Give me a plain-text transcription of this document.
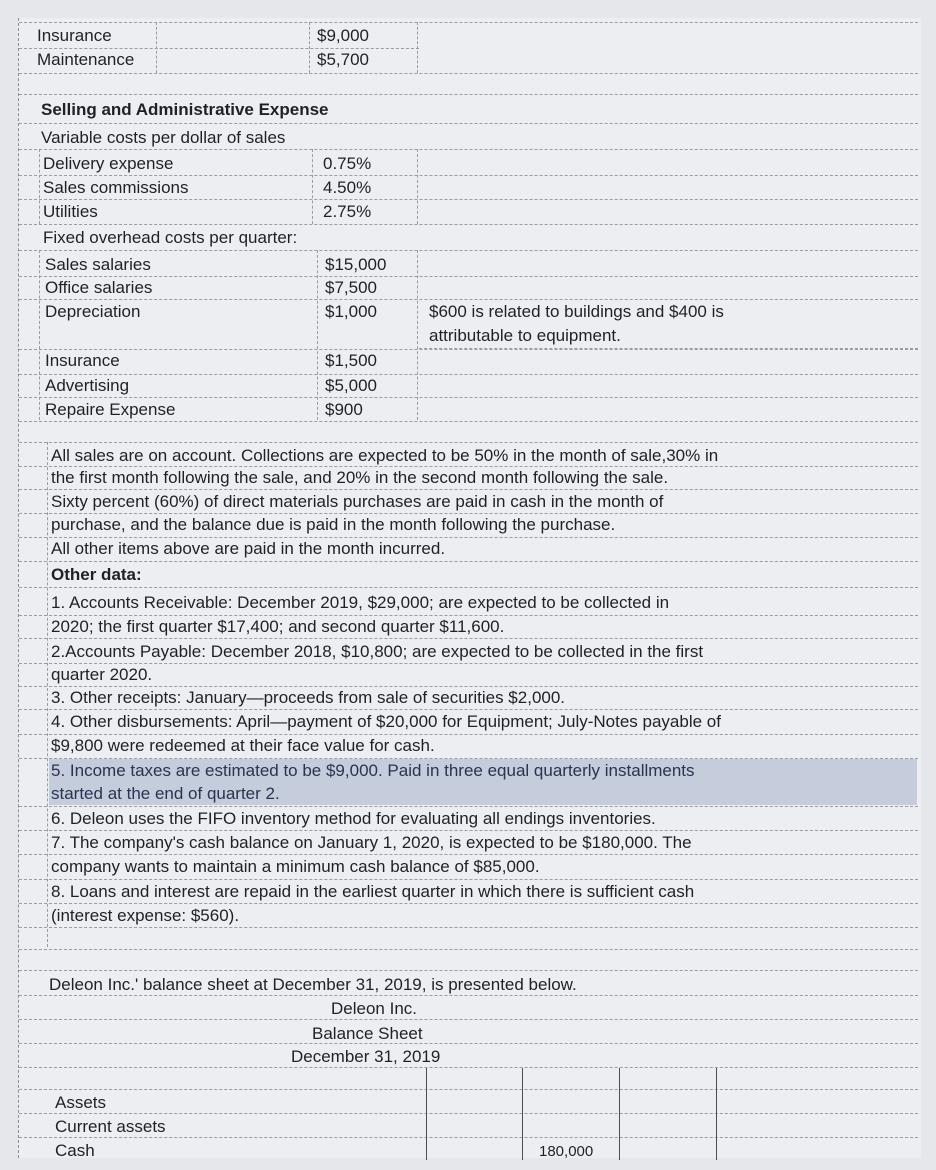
Insurance	$9,000
Maintenance	$5,700
Selling and Administrative Expense
Variable costs per dollar of sales
Delivery expense	0.75%
Sales commissions	4.50%
Utilities	2.75%
Fixed overhead costs per quarter:
Sales salaries	$15,000
Office salaries	$7,500
Depreciation	$1,000	$600 is related to buildings and $400 is
attributable to equipment.
Insurance	$1,500
Advertising	$5,000
Repaire Expense	$900
All sales are on account. Collections are expected to be 50% in the month of sale,30% in
the first month following the sale, and 20% in the second month following the sale.
Sixty percent (60%) of direct materials purchases are paid in cash in the month of
purchase, and the balance due is paid in the month following the purchase.
All other items above are paid in the month incurred.
Other data:
1. Accounts Receivable: December 2019, $29,000; are expected to be collected in
2020; the first quarter $17,400; and second quarter $11,600.
2.Accounts Payable: December 2018, $10,800; are expected to be collected in the first
quarter 2020.
3. Other receipts: January—proceeds from sale of securities $2,000.
4. Other disbursements: April—payment of $20,000 for Equipment; July-Notes payable of
$9,800 were redeemed at their face value for cash.
5. Income taxes are estimated to be $9,000. Paid in three equal quarterly installments
started at the end of quarter 2.
6. Deleon uses the FIFO inventory method for evaluating all endings inventories.
7. The company's cash balance on January 1, 2020, is expected to be $180,000. The
company wants to maintain a minimum cash balance of $85,000.
8. Loans and interest are repaid in the earliest quarter in which there is sufficient cash
(interest expense: $560).
Deleon Inc.' balance sheet at December 31, 2019, is presented below.
Deleon Inc.
Balance Sheet
December 31, 2019
Assets
Current assets
Cash	180,000
